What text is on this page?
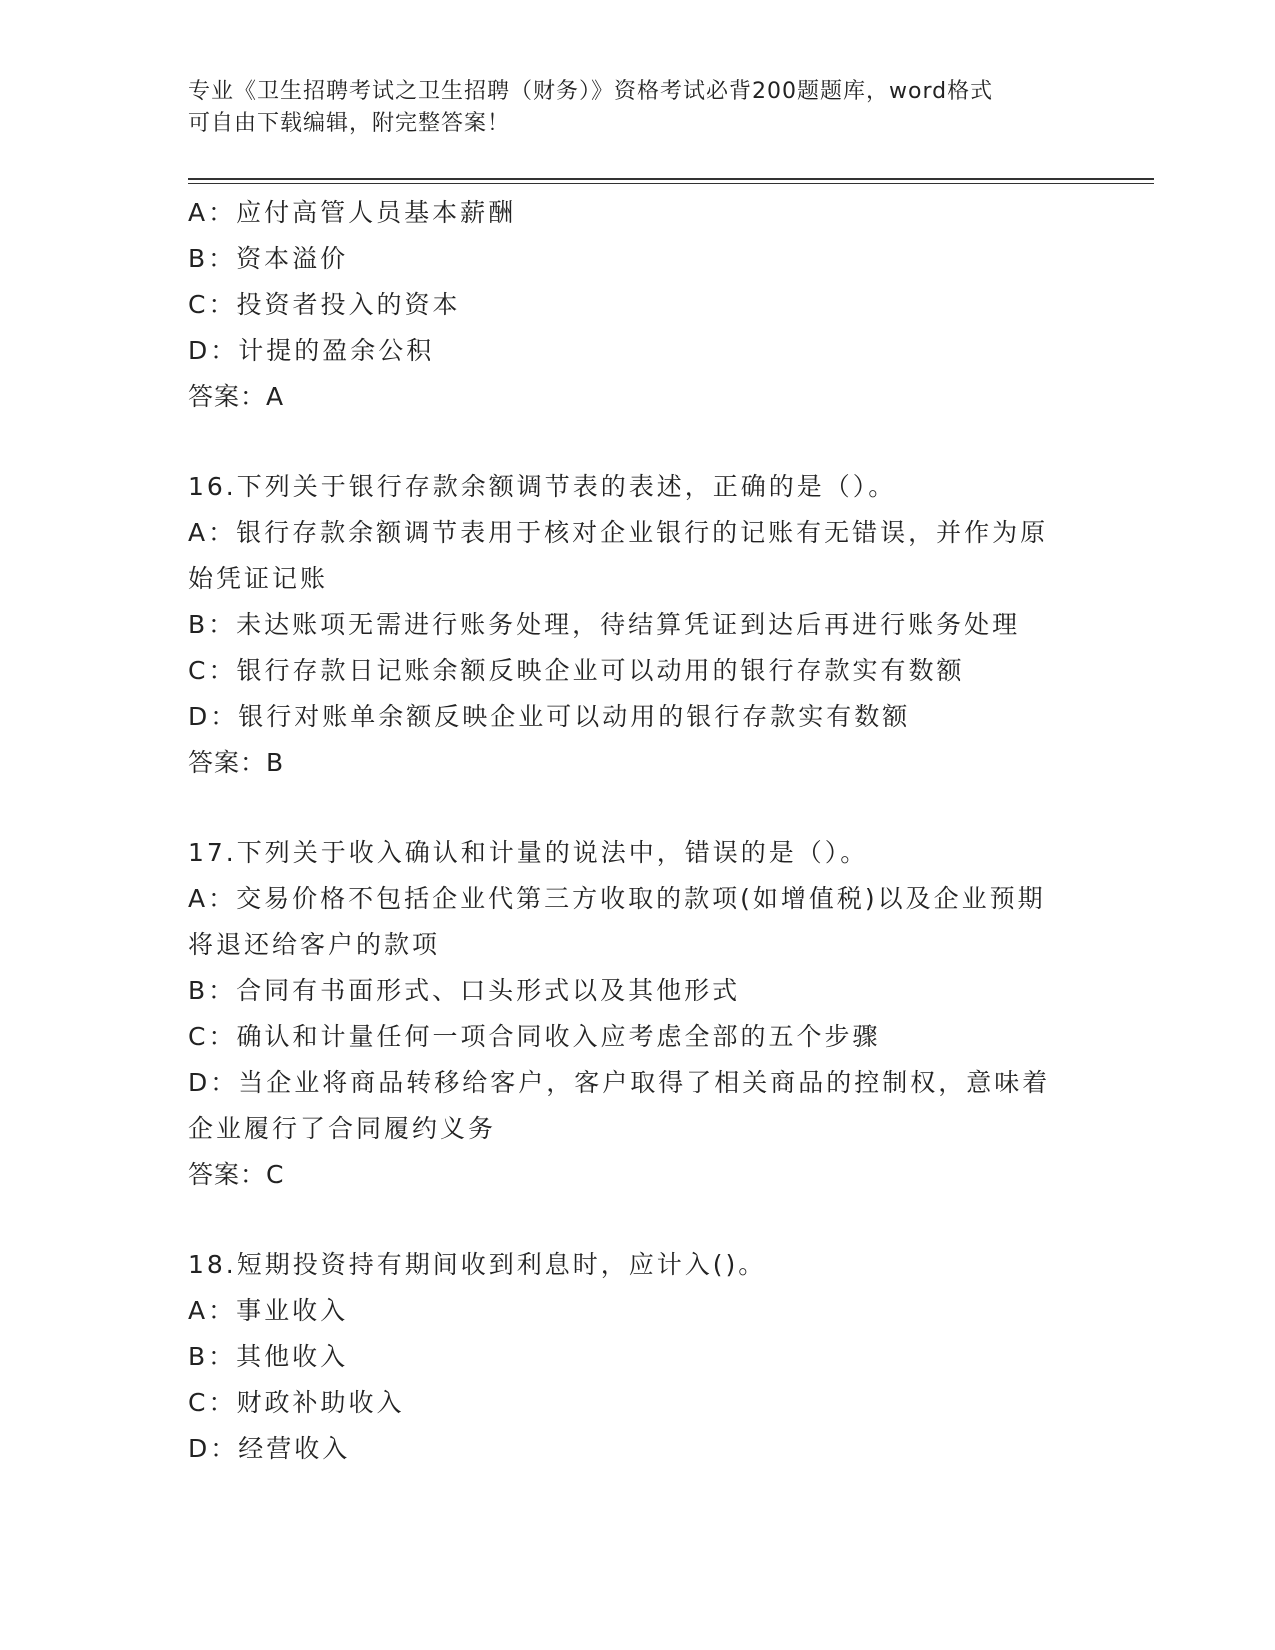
专业《卫生招聘考试之卫生招聘（财务）》资格考试必背200题题库，word格式
可自由下载编辑，附完整答案！
A：应付高管人员基本薪酬
B：资本溢价
C：投资者投入的资本
D：计提的盈余公积
答案：A
16.下列关于银行存款余额调节表的表述，正确的是（）。
A：银行存款余额调节表用于核对企业银行的记账有无错误，并作为原
始凭证记账
B：未达账项无需进行账务处理，待结算凭证到达后再进行账务处理
C：银行存款日记账余额反映企业可以动用的银行存款实有数额
D：银行对账单余额反映企业可以动用的银行存款实有数额
答案：B
17.下列关于收入确认和计量的说法中，错误的是（）。
A：交易价格不包括企业代第三方收取的款项(如增值税)以及企业预期
将退还给客户的款项
B：合同有书面形式、口头形式以及其他形式
C：确认和计量任何一项合同收入应考虑全部的五个步骤
D：当企业将商品转移给客户，客户取得了相关商品的控制权，意味着
企业履行了合同履约义务
答案：C
18.短期投资持有期间收到利息时，应计入()。
A：事业收入
B：其他收入
C：财政补助收入
D：经营收入
